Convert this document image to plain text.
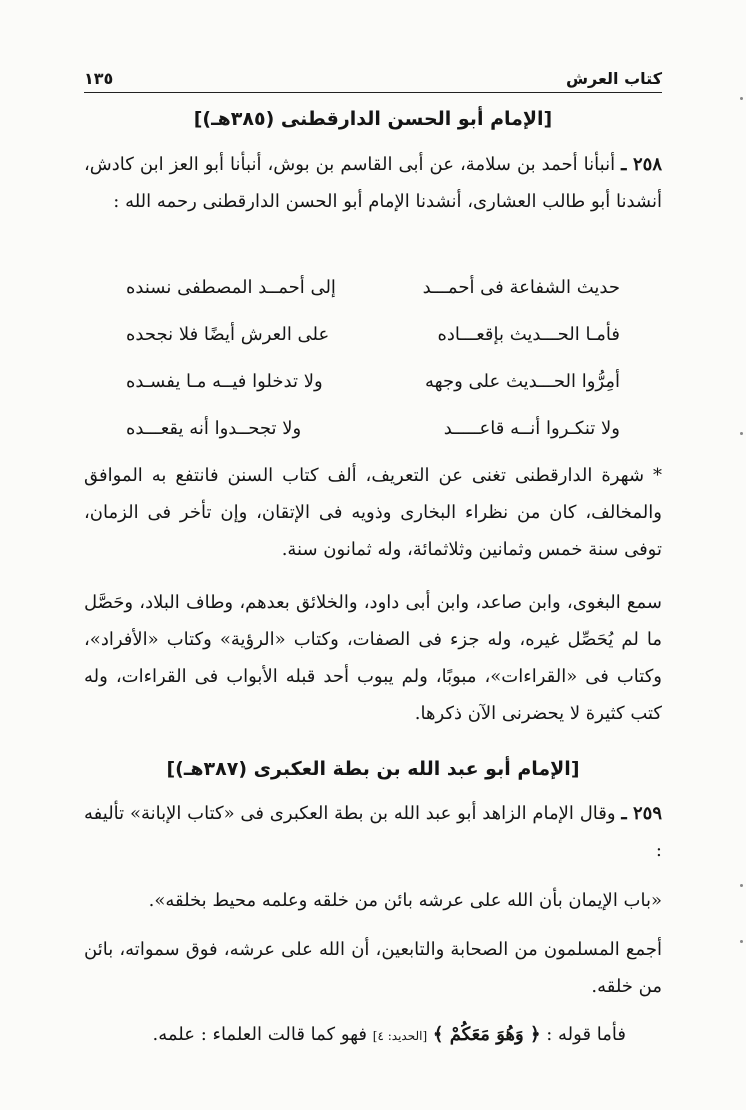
كتاب العرش
١٣٥
[الإمام أبو الحسن الدارقطنى (٣٨٥هـ)]

٢٥٨ ـ أنبأنا أحمد بن سلامة، عن أبى القاسم بن بوش، أنبأنا أبو العز ابن كادش، أنشدنا أبو طالب العشارى، أنشدنا الإمام أبو الحسن الدارقطنى رحمه الله :

حديث الشفاعة فى أحمـــد
إلى أحمــد المصطفى نسنده
فأمـا الحـــديث بإقعـــاده
على العرش أيضًا فلا نجحده
أمِرُّوا الحـــديث على وجهه
ولا تدخلوا فيــه مـا يفسـده
ولا تنكـروا أنــه قاعـــــد
ولا تجحــدوا أنه يقعـــده

* شهرة الدارقطنى تغنى عن التعريف، ألف كتاب السنن فانتفع به الموافق والمخالف، كان من نظراء البخارى وذويه فى الإتقان، وإن تأخر فى الزمان، توفى سنة خمس وثمانين وثلاثمائة، وله ثمانون سنة.

سمع البغوى، وابن صاعد، وابن أبى داود، والخلائق بعدهم، وطاف البلاد، وحَصَّل ما لم يُحَصِّل غيره، وله جزء فى الصفات، وكتاب «الرؤية» وكتاب «الأفراد»، وكتاب فى «القراءات»، مبوبًا، ولم يبوب أحد قبله الأبواب فى القراءات، وله كتب كثيرة لا يحضرنى الآن ذكرها.

[الإمام أبو عبد الله بن بطة العكبرى (٣٨٧هـ)]

٢٥٩ ـ وقال الإمام الزاهد أبو عبد الله بن بطة العكبرى فى «كتاب الإبانة» تأليفه :

«باب الإيمان بأن الله على عرشه بائن من خلقه وعلمه محيط بخلقه».

أجمع المسلمون من الصحابة والتابعين، أن الله على عرشه، فوق سمواته، بائن من خلقه.

فأما قوله : ﴿ وَهُوَ مَعَكُمْ ﴾ [الحديد: ٤] فهو كما قالت العلماء : علمه.
